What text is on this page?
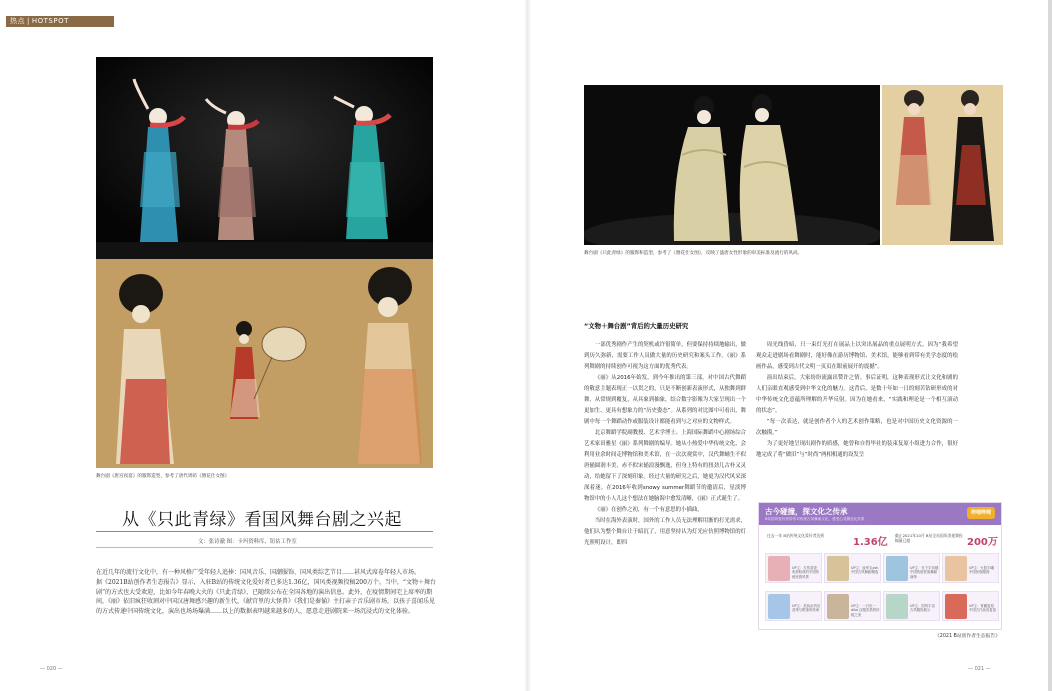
热点 | HOTSPOT
舞台剧《唐宫夜宴》的服饰造型，参考了唐代周昉《簪花仕女图》
从《只此青绿》看国风舞台剧之兴起
文：张诗澈 图：卡玛资料库、钮祜工作室

在近几年的流行文化中，有一种风格广受年轻人追捧：国风音乐、国潮服饰、国风类综艺节目……甚风式席卷年轻人市场。

据《2021B站创作者生态报告》显示，入驻B站的传统文化爱好者已多达1.36亿，国风类视频投稿200万个。当中，“文物＋舞台剧”的方式也大受欢迎，比如今年春晚大火的《只此青绿》，已随续公布在全国各地的演出信息。此外，在疫情期间宅上席率的期间，《丽》依旧疯狂收割对中国汉唐舞感兴趣的新生代，《献宫里的大怪兽》《我们是秦俑》主打亲子音乐剧市场，以孩子喜闻乐见的方式传递中国传统文化，演出也场场爆满……以上的数据表明越来越多的人，愿意走进剧院来一场沉浸式的文化体验。

— 020 —
舞台剧《只此青绿》的服饰和造型，参考了《簪花仕女图》，反映了盛唐女性形象的审美标准及流行的风尚。
“文物＋舞台剧”背后的大量历史研究

一部优秀剧作产生的契机或许很简单，但要保持持续地输出，做到历久弥新，需要工作人员做大量的历史研究和案头工作。《丽》系列舞剧的持续创作可视为这方面的优秀代表。

《丽》从2016年始发，到今年推出的第三部，对中国古代舞蹈的敬意主题表现正一以贯之的，只是不断创新表演形式，从独舞到群舞，从常规到覆复，从具象到抽象，结合数字影像为大家呈现出一个更加生、更具有想象力的“历史姿态”。从系列的对比图中可看出，舞剧中每一个舞蹈动作或服装设计都能看到与之对应的文物样式。

北京舞蹈学院副教授、艺术学博士、上海国际舞蹈中心剧场综合艺术家田雅星《丽》系列舞剧的编导。她从小热爱中华传统文化，会利用业余时间走博物馆和美术馆，在一次次观赏中，汉代舞蛹生不似唐俑圆润丰美，赤不似宋俑浪漫飘逸，但身上特有的扭劲儿古朴又灵动，给她留下了深刻印象。经过大量的研究之后，她更为汉代风采深深着迷。在2016年收到snowy summer舞蹈节的邀请后，星淡博物馆中的小人儿这个想法在她脑海中愈发清晰，《丽》正式诞生了。

《丽》在创作之初，有一个有意思的小插曲。

当时在海外表演时，国外的工作人员无法理解用渐的打光需求，他们认为整个舞台让于暗沉了，用意坚持认为灯光应仿照博物馆的灯光照明设计，即四

周光线昏暗，只一束灯光打在展品上以突出展品的重点展明方式。因为“我希望观众走进剧场看舞剧时，能好像在游历博物馆、美术馆，能够看到带有美学态度的绘画作品，感受到古代文明一页页在眼前展开的震撼”。

演出结束后，大家纷纷流露出赞许之情。事后证明，这种表现形式让文化和剧的人们亲眼直观感受到中华文化的魅力。这背后，是数十年如一日的刻苦钻研形成的对中华传统文化意蕴所理解的升华反射。因为在她看来，“实践和理论是一个相互滚动的状态”。

“每一次表达，就是创作者个人的艺术创作策略，也是对中国历史文化资源的一次触摸。”

为了更好地呈现出剧作的质感，她曾和自得毕社的装束复原小组进力合作，很好地完成了将“做旧”与“时尚”两相相通的设发呈

古今碰撞，探文化之传承
B站国风爱好者带你对传统古风舞曲文化，感受心灵腾变化效果
哔哩哔哩
过去一年 B站传统文化爱好者达到
1.36亿
截止2021年10月 B站全站国风类视频投稿量已超	200万
UP主：古传香香 收获粉丝的中国传统民族风景
UP主：冠军丸zxh 中国古风舞蹈精选
UP主：兄下宇乐楼 中国传统民族舞蹈演绎
UP主：火影宇曦 中国民族服饰
UP主：美妆杂货坊 苗绣与银饰的传承
UP主：一只皮一dika 汉服穿搭的传统之美
UP主：国风宇宙 古风服饰展示
UP主：青藏复原 中国古代妆容复原
《2021 B站创作者生态报告》
— 021 —
